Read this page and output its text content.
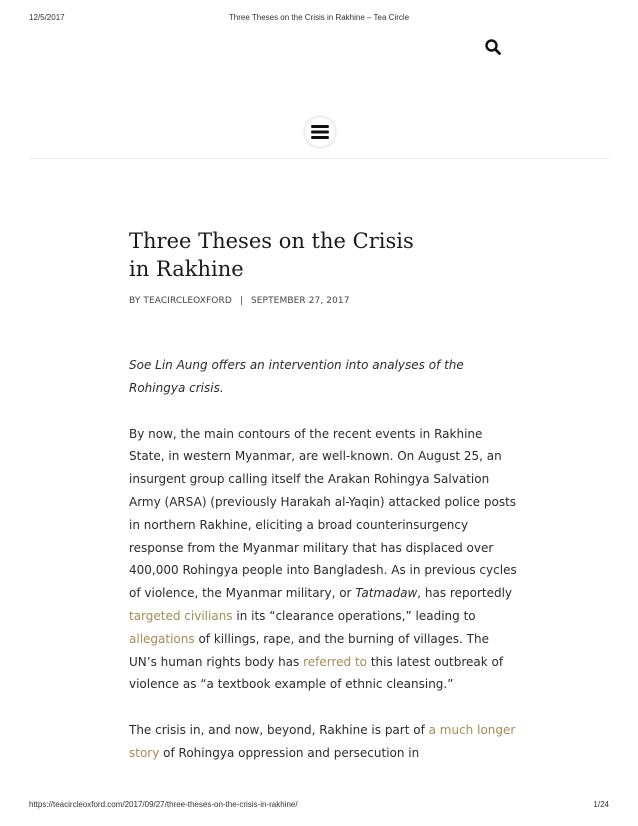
12/5/2017	Three Theses on the Crisis in Rakhine – Tea Circle
Three Theses on the Crisis
in Rakhine
BY TEACIRCLEOXFORD | SEPTEMBER 27, 2017

Soe Lin Aung offers an intervention into analyses of the Rohingya crisis.

By now, the main contours of the recent events in Rakhine State, in western Myanmar, are well-known. On August 25, an insurgent group calling itself the Arakan Rohingya Salvation Army (ARSA) (previously Harakah al-Yaqin) attacked police posts in northern Rakhine, eliciting a broad counterinsurgency response from the Myanmar military that has displaced over 400,000 Rohingya people into Bangladesh. As in previous cycles of violence, the Myanmar military, or Tatmadaw, has reportedly targeted civilians in its “clearance operations,” leading to allegations of killings, rape, and the burning of villages. The UN’s human rights body has referred to this latest outbreak of violence as “a textbook example of ethnic cleansing.”

The crisis in, and now, beyond, Rakhine is part of a much longer story of Rohingya oppression and persecution in

https://teacircleoxford.com/2017/09/27/three-theses-on-the-crisis-in-rakhine/	1/24
